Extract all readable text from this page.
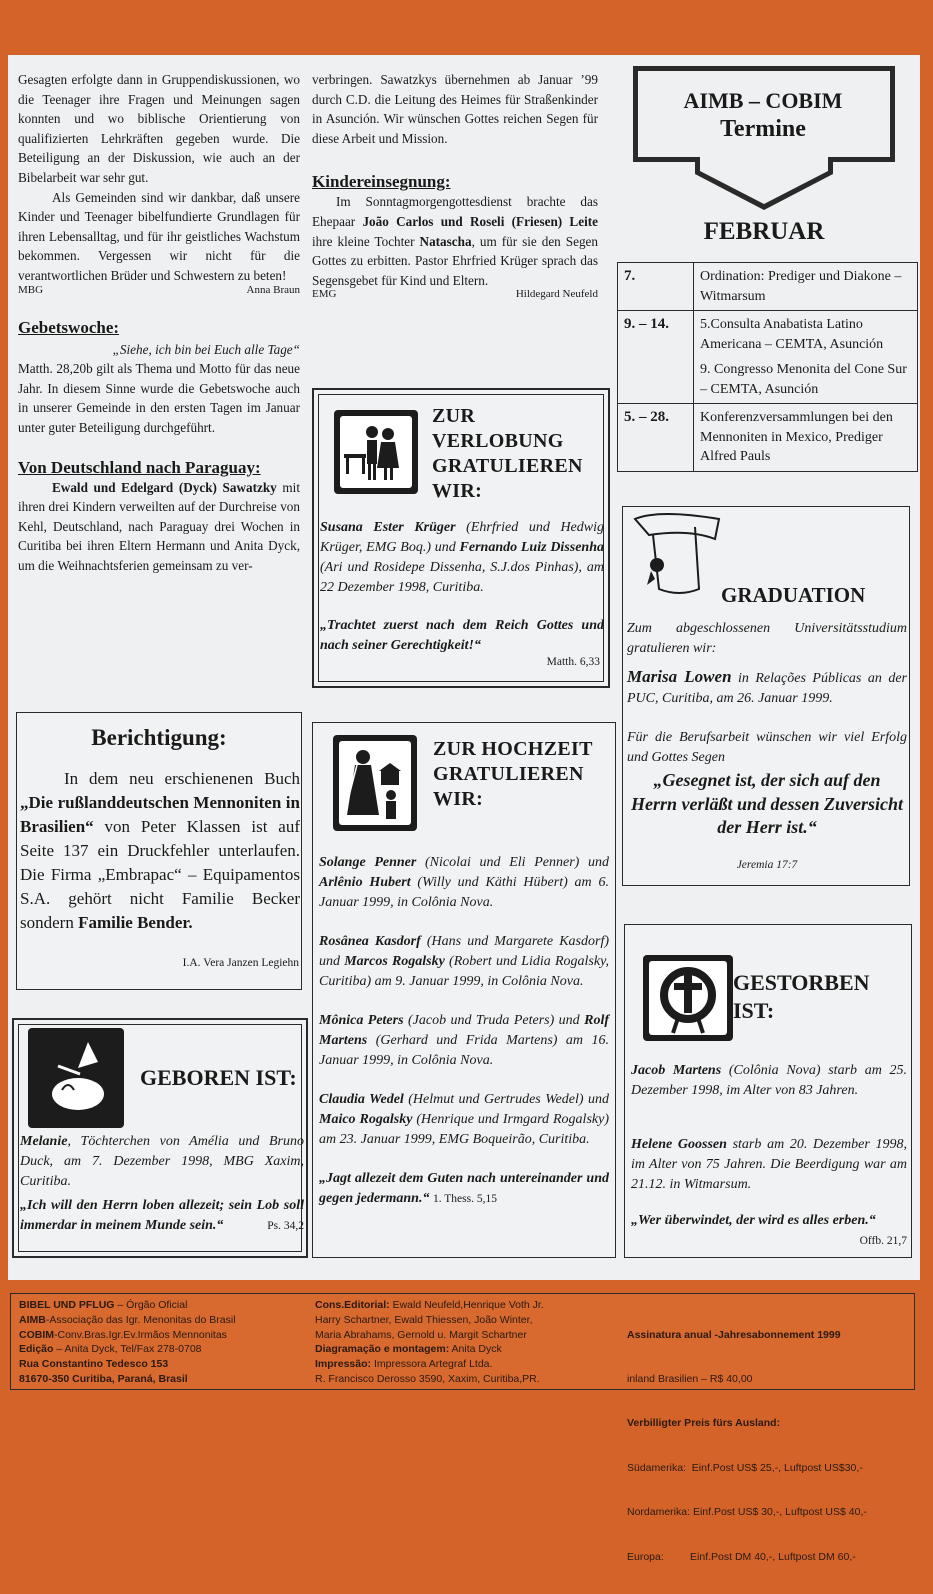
Gesagten erfolgte dann in Gruppendiskussionen, wo die Teenager ihre Fragen und Meinungen sagen konnten und wo biblische Orientierung von qualifizierten Lehrkräften gegeben wurde. Die Beteiligung an der Diskussion, wie auch an der Bibelarbeit war sehr gut.

Als Gemeinden sind wir dankbar, daß unsere Kinder und Teenager bibelfundierte Grundlagen für ihren Lebensalltag, und für ihr geistliches Wachstum bekommen. Vergessen wir nicht für die verantwortlichen Brüder und Schwestern zu beten!

MBG	Anna Braun
Gebetswoche:

„Siehe, ich bin bei Euch alle Tage“

Matth. 28,20b gilt als Thema und Motto für das neue Jahr. In diesem Sinne wurde die Gebetswoche auch in unserer Gemeinde in den ersten Tagen im Januar unter guter Beteiligung durchgeführt.

Von Deutschland nach Paraguay:

Ewald und Edelgard (Dyck) Sawatzky mit ihren drei Kindern verweilten auf der Durchreise von Kehl, Deutschland, nach Paraguay drei Wochen in Curitiba bei ihren Eltern Hermann und Anita Dyck, um die Weihnachtsferien gemeinsam zu ver-

verbringen. Sawatzkys übernehmen ab Januar ’99 durch C.D. die Leitung des Heimes für Straßenkinder in Asunción. Wir wünschen Gottes reichen Segen für diese Arbeit und Mission.

Kindereinsegnung:

Im Sonntagmorgengottesdienst brachte das Ehepaar João Carlos und Roseli (Friesen) Leite ihre kleine Tochter Natascha, um für sie den Segen Gottes zu erbitten. Pastor Ehrfried Krüger sprach das Segensgebet für Kind und Eltern.

EMG	Hildegard Neufeld
AIMB – COBIM
Termine
FEBRUAR
7.	Ordination: Prediger und Diakone – Witmarsum
9. – 14.	5.Consulta Anabatista Latino Americana – CEMTA, Asunción
9. Congresso Menonita del Cone Sur – CEMTA, Asunción

5. – 28.	Konferenzversammlungen bei den Mennoniten in Mexico, Prediger Alfred Pauls
ZUR VERLOBUNG GRATULIEREN WIR:

Susana Ester Krüger (Ehrfried und Hedwig Krüger, EMG Boq.) und Fernando Luiz Dissenha (Ari und Rosidepe Dissenha, S.J.dos Pinhas), am 22 Dezember 1998, Curitiba.

„Trachtet zuerst nach dem Reich Gottes und nach seiner Gerechtigkeit!“

Matth. 6,33
GRADUATION

Zum abgeschlossenen Universitätsstudium gratulieren wir:

Marisa Lowen in Relações Públicas an der PUC, Curitiba, am 26. Januar 1999.

Für die Berufsarbeit wünschen wir viel Erfolg und Gottes Segen

„Gesegnet ist, der sich auf den Herrn verläßt und dessen Zuversicht der Herr ist.“

Jeremia 17:7
Berichtigung:

In dem neu erschienenen Buch „Die rußlanddeutschen Mennoniten in Brasilien“ von Peter Klassen ist auf Seite 137 ein Druckfehler unterlaufen. Die Firma „Embrapac“ – Equipamentos S.A. gehört nicht Familie Becker sondern Familie Bender.

I.A. Vera Janzen Legiehn
ZUR HOCHZEIT GRATULIEREN WIR:

Solange Penner (Nicolai und Eli Penner) und Arlênio Hubert (Willy und Käthi Hübert) am 6. Januar 1999, in Colônia Nova.

Rosânea Kasdorf (Hans und Margarete Kasdorf) und Marcos Rogalsky (Robert und Lidia Rogalsky, Curitiba) am 9. Januar 1999, in Colônia Nova.

Mônica Peters (Jacob und Truda Peters) und Rolf Martens (Gerhard und Frida Martens) am 16. Januar 1999, in Colônia Nova.

Claudia Wedel (Helmut und Gertrudes Wedel) und Maico Rogalsky (Henrique und Irmgard Rogalsky) am 23. Januar 1999, EMG Boqueirão, Curitiba.

„Jagt allezeit dem Guten nach untereinander und gegen jedermann.“ 1. Thess. 5,15

GESTORBEN IST:

Jacob Martens (Colônia Nova) starb am 25. Dezember 1998, im Alter von 83 Jahren.

Helene Goossen starb am 20. Dezember 1998, im Alter von 75 Jahren. Die Beerdigung war am 21.12. in Witmarsum.

„Wer überwindet, der wird es alles erben.“
Offb. 21,7

GEBOREN IST:

Melanie, Töchterchen von Amélia und Bruno Duck, am 7. Dezember 1998, MBG Xaxim, Curitiba.

„Ich will den Herrn loben allezeit; sein Lob soll immerdar in meinem Munde sein.“	Ps. 34,2

BIBEL UND PFLUG – Órgão Oficial
AIMB-Associação das Igr. Menonitas do Brasil
COBIM-Conv.Bras.Igr.Ev.Irmãos Mennonitas
Edição – Anita Dyck, Tel/Fax 278-0708
Rua Constantino Tedesco 153
81670-350 Curitiba, Paraná, Brasil
Cons.Editorial: Ewald Neufeld,Henrique Voth Jr.
Harry Schartner, Ewald Thiessen, João Winter,
Maria Abrahams, Gernold u. Margit Schartner
Diagramação e montagem: Anita Dyck
Impressão: Impressora Artegraf Ltda.
R. Francisco Derosso 3590, Xaxim, Curitiba,PR.

Assinatura anual -Jahresabonnement 1999

inland Brasilien – R$ 40,00

Verbilligter Preis fürs Ausland:

Südamerika:  Einf.Post US$ 25,-, Luftpost US$30,-

Nordamerika: Einf.Post US$ 30,-, Luftpost US$ 40,-

Europa:         Einf.Post DM 40,-, Luftpost DM 60,-
